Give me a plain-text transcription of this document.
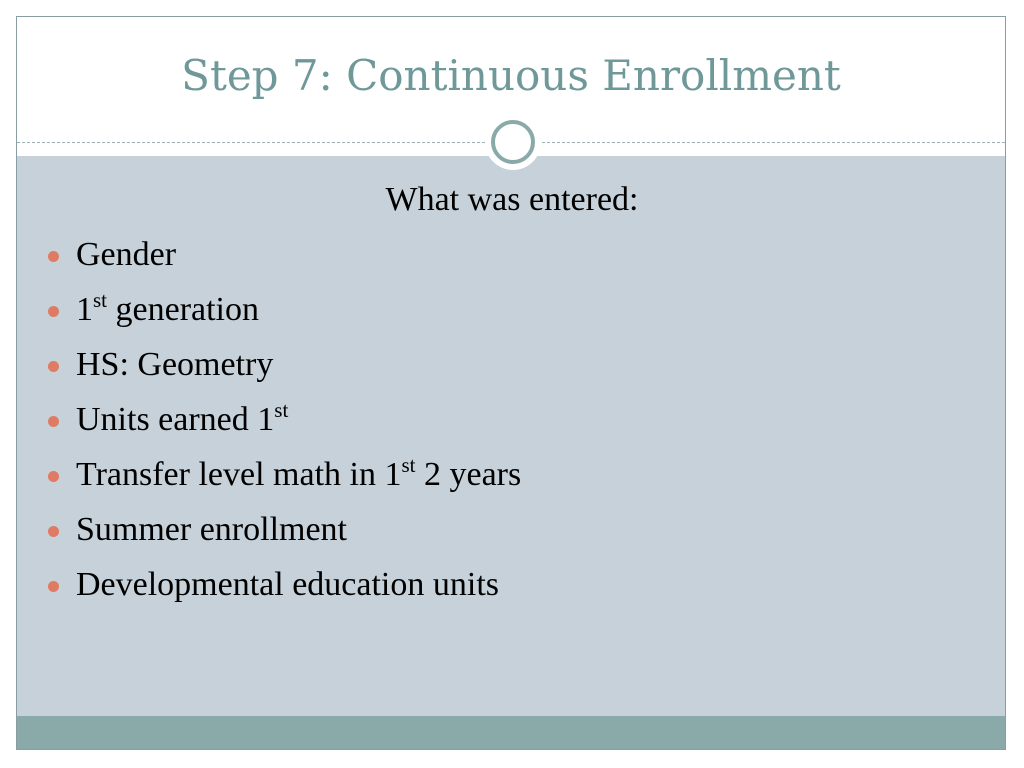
Step 7: Continuous Enrollment
What was entered:
Gender
1st generation
HS: Geometry
Units earned 1st
Transfer level math in 1st 2 years
Summer enrollment
Developmental education units
